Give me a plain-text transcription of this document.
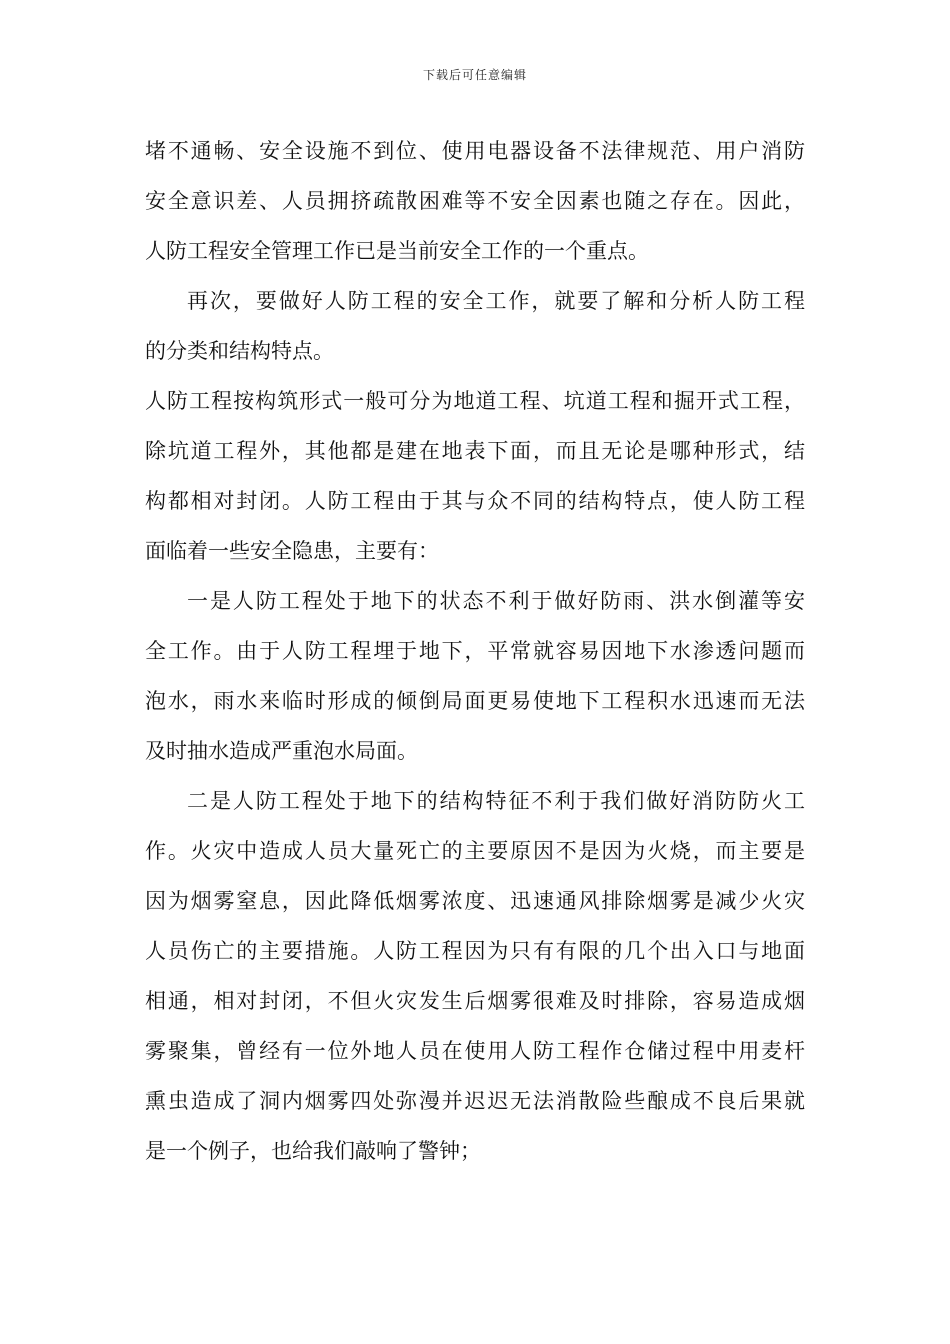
下载后可任意编辑
堵不通畅、安全设施不到位、使用电器设备不法律规范、用户消防
安全意识差、人员拥挤疏散困难等不安全因素也随之存在。因此，
人防工程安全管理工作已是当前安全工作的一个重点。
再次，要做好人防工程的安全工作，就要了解和分析人防工程
的分类和结构特点。
人防工程按构筑形式一般可分为地道工程、坑道工程和掘开式工程，
除坑道工程外，其他都是建在地表下面，而且无论是哪种形式，结
构都相对封闭。人防工程由于其与众不同的结构特点，使人防工程
面临着一些安全隐患，主要有：
一是人防工程处于地下的状态不利于做好防雨、洪水倒灌等安
全工作。由于人防工程埋于地下，平常就容易因地下水渗透问题而
泡水，雨水来临时形成的倾倒局面更易使地下工程积水迅速而无法
及时抽水造成严重泡水局面。
二是人防工程处于地下的结构特征不利于我们做好消防防火工
作。火灾中造成人员大量死亡的主要原因不是因为火烧，而主要是
因为烟雾窒息，因此降低烟雾浓度、迅速通风排除烟雾是减少火灾
人员伤亡的主要措施。人防工程因为只有有限的几个出入口与地面
相通，相对封闭，不但火灾发生后烟雾很难及时排除，容易造成烟
雾聚集，曾经有一位外地人员在使用人防工程作仓储过程中用麦杆
熏虫造成了洞内烟雾四处弥漫并迟迟无法消散险些酿成不良后果就
是一个例子，也给我们敲响了警钟；
